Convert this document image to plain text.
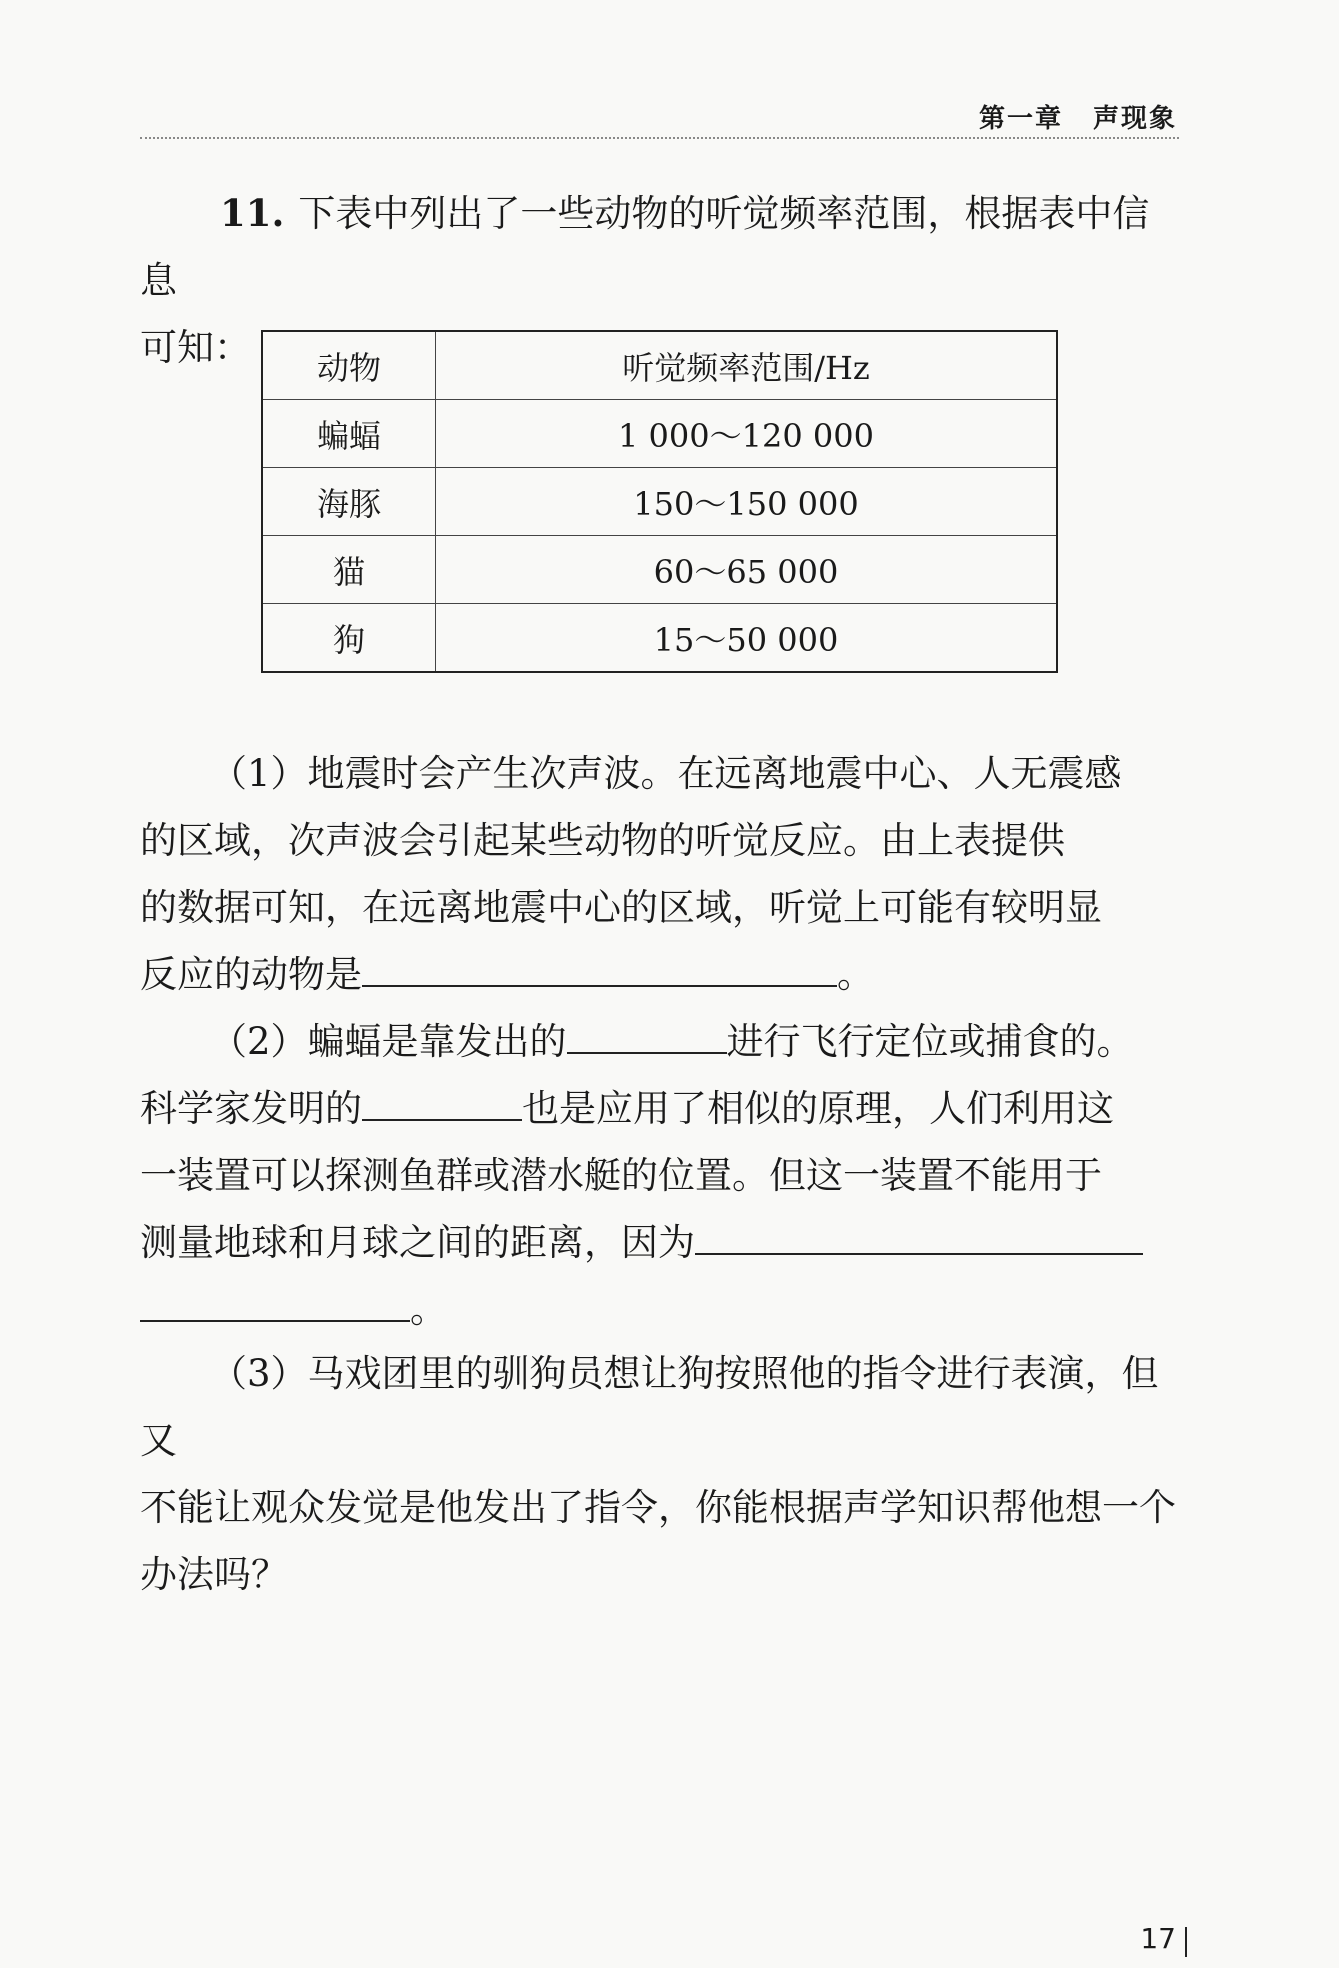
第一章 声现象

11. 下表中列出了一些动物的听觉频率范围，根据表中信息
可知：	动物	听觉频率范围/Hz
蝙蝠	1 000～120 000
海豚	150～150 000
猫	60～65 000
狗	15～50 000

（1）地震时会产生次声波。在远离地震中心、人无震感
的区域，次声波会引起某些动物的听觉反应。由上表提供
的数据可知，在远离地震中心的区域，听觉上可能有较明显
反应的动物是	。

（2）蝙蝠是靠发出的	进行飞行定位或捕食的。
科学家发明的	也是应用了相似的原理，人们利用这
一装置可以探测鱼群或潜水艇的位置。但这一装置不能用于
测量地球和月球之间的距离，因为
。

（3）马戏团里的驯狗员想让狗按照他的指令进行表演，但又
不能让观众发觉是他发出了指令，你能根据声学知识帮他想一个
办法吗？

17
